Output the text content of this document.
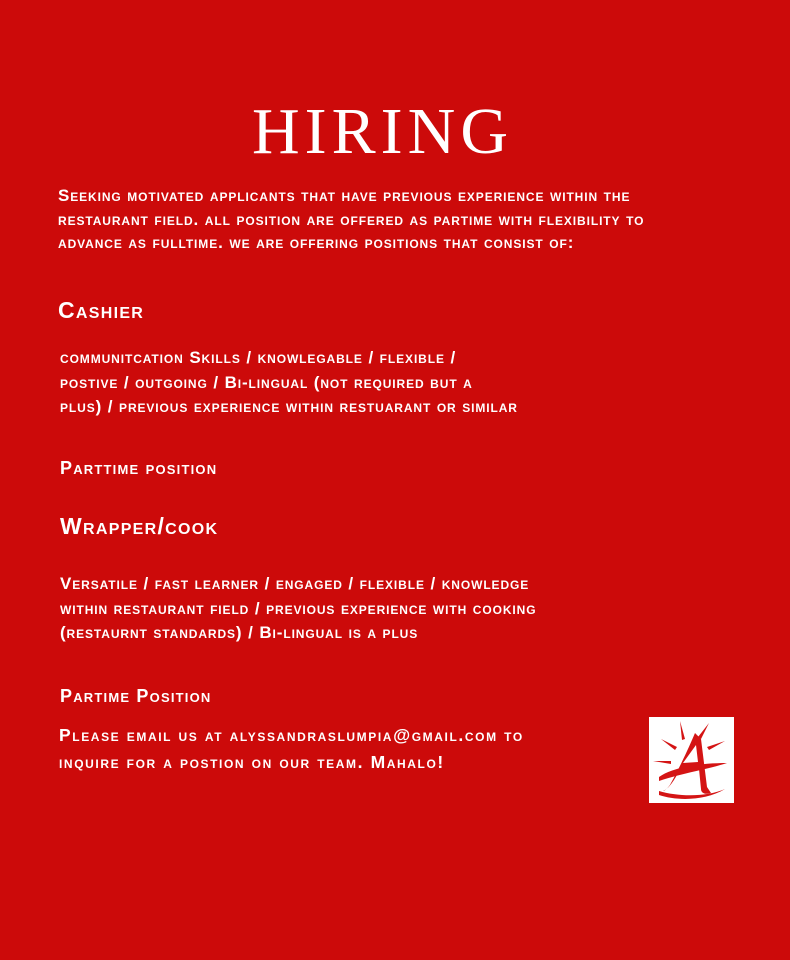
HIRING

Seeking motivated applicants that have previous experience within the restaurant field. all position are offered as partime with flexibility to advance as fulltime. we are offering positions that consist of:

Cashier

communitcation Skills / knowlegable / flexible / postive / outgoing / Bi-lingual (not required but a plus) / previous experience within restuarant or similar

Parttime position

Wrapper/cook

Versatile / fast learner / engaged / flexible / knowledge within restaurant field / previous experience with cooking (restaurnt standards) / Bi-lingual is a plus

Partime Position

Please email us at alyssandraslumpia@gmail.com to inquire for a postion on our team. Mahalo!
